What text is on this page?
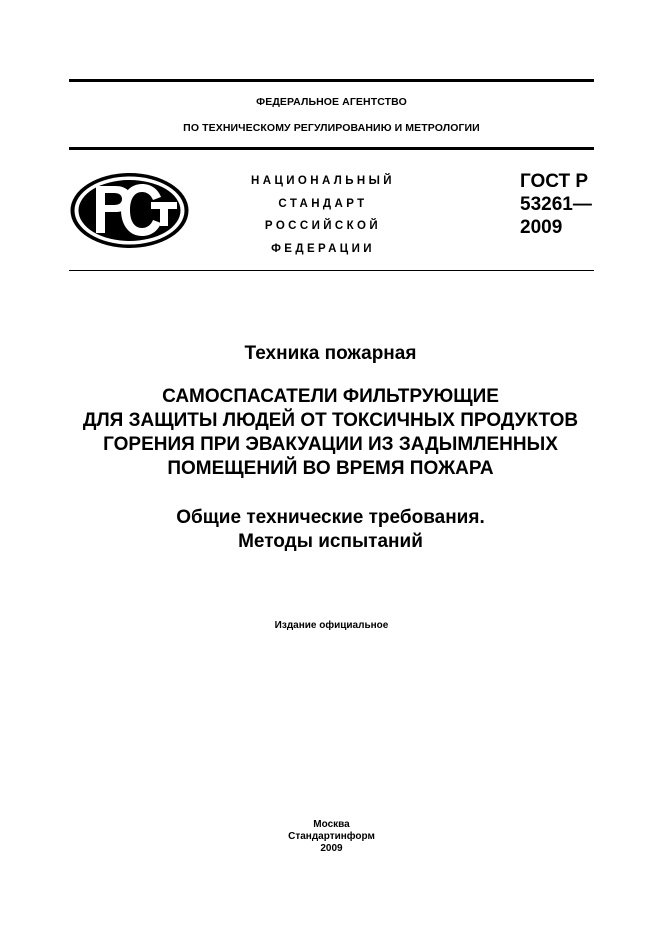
ФЕДЕРАЛЬНОЕ АГЕНТСТВО
ПО ТЕХНИЧЕСКОМУ РЕГУЛИРОВАНИЮ И МЕТРОЛОГИИ
НАЦИОНАЛЬНЫЙ
СТАНДАРТ
РОССИЙСКОЙ
ФЕДЕРАЦИИ
ГОСТ Р
53261—
2009
Техника пожарная
САМОСПАСАТЕЛИ ФИЛЬТРУЮЩИЕ
ДЛЯ ЗАЩИТЫ ЛЮДЕЙ ОТ ТОКСИЧНЫХ ПРОДУКТОВ
ГОРЕНИЯ ПРИ ЭВАКУАЦИИ ИЗ ЗАДЫМЛЕННЫХ
ПОМЕЩЕНИЙ ВО ВРЕМЯ ПОЖАРА
Общие технические требования.
Методы испытаний
Издание официальное
Москва
Стандартинформ
2009
